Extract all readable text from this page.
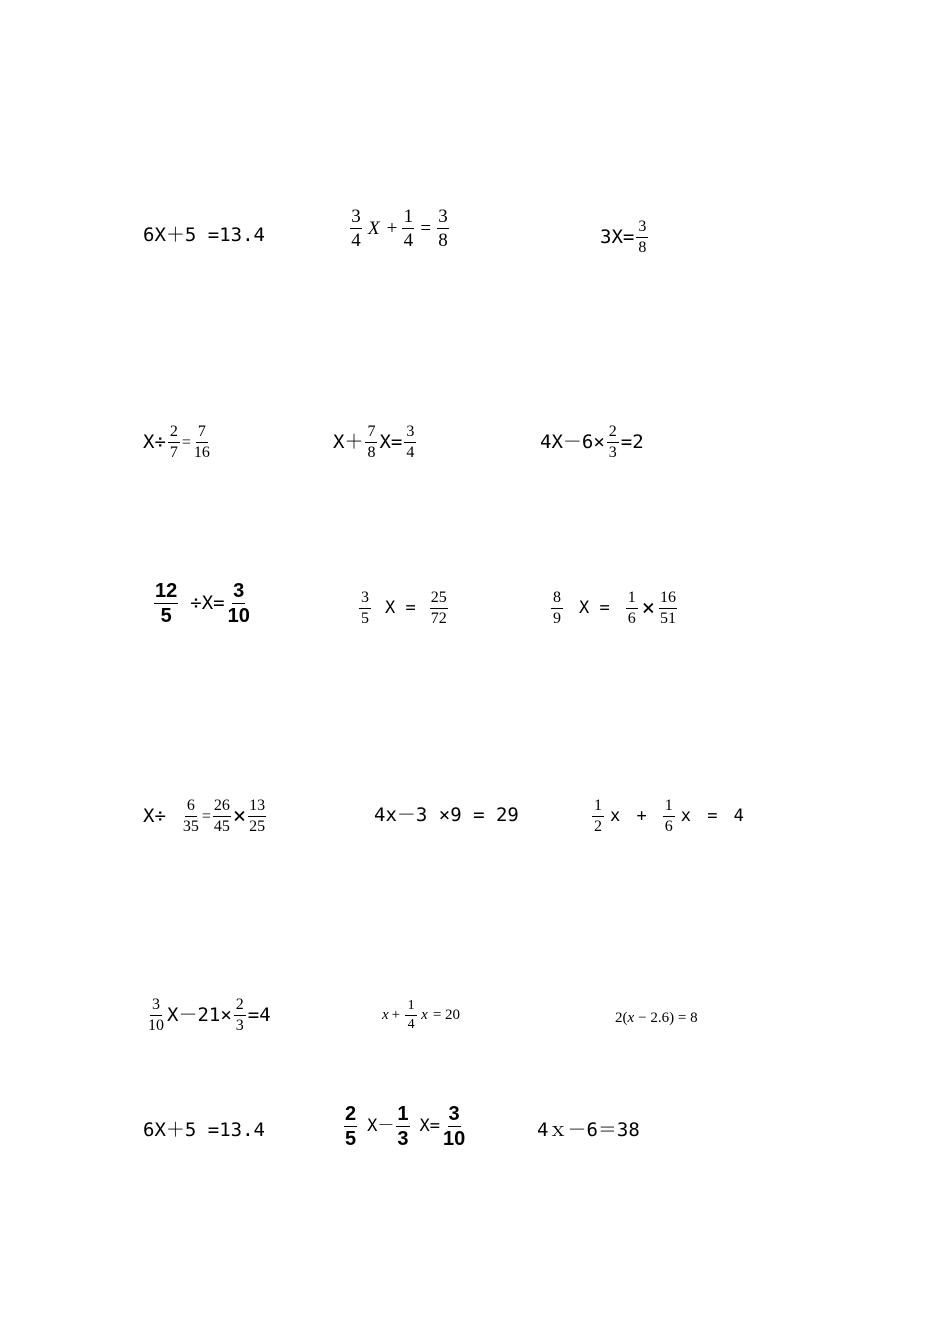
6X＋5 =13.4	$\frac{3}{4}$ $X + \frac{1}{4} = \frac{3}{8}$	$3X= \frac{3}{8}$
$X\div \frac{2}{7} = \frac{7}{16}$	$X+ \frac{7}{8} X= \frac{3}{4}$	$4X-6\times \frac{2}{3} =2$
$\frac{12}{5} \div X= \frac{3}{10}$	$\frac{3}{5}$ $X = \frac{25}{72}$	$\frac{8}{9}$ $X = \frac{1}{6} \times \frac{16}{51}$
$X\div \frac{6}{35} = \frac{26}{45} \times \frac{13}{25}$	4x－3 ×9 = 29	$\frac{1}{2}$ $x + \frac{1}{6}$ x = 4
$\frac{3}{10} X-21\times \frac{2}{3} =4$	$x + \frac{1}{4}$ x = 20	2( x − 2.6) = 8
6X＋5 =13.4	$\frac{2}{5} X- \frac{1}{3} X= \frac{3}{10}$	4ｘ－6＝38
